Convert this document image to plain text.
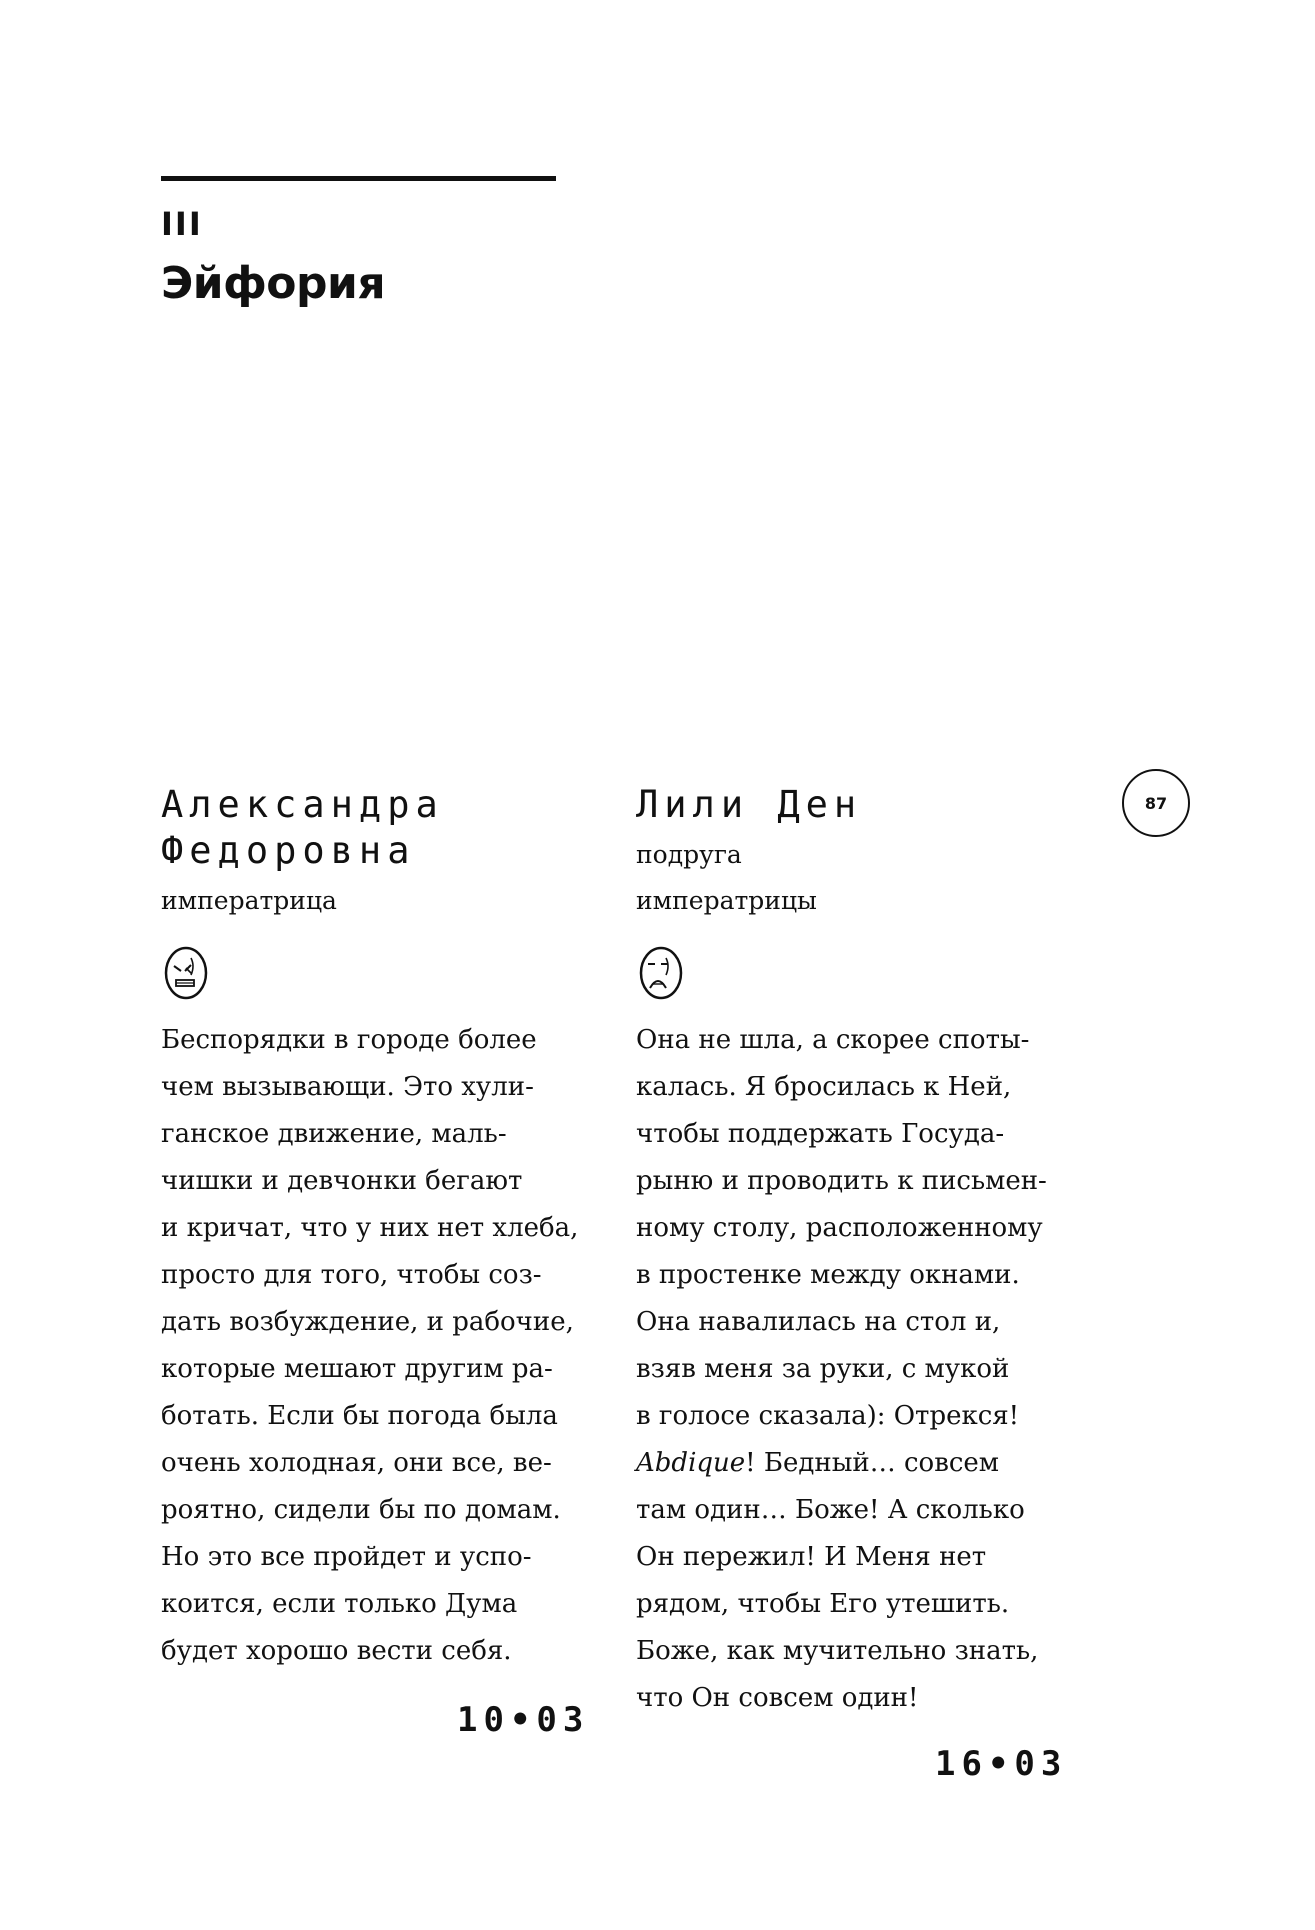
III
Эйфория
87

Александра

Федоровна

императрица

Беспорядки в городе более
чем вызывающи. Это хули-
ганское движение, маль-
чишки и девчонки бегают
и кричат, что у них нет хлеба,
просто для того, чтобы соз-
дать возбуждение, и рабочие,
которые мешают другим ра-
ботать. Если бы погода была
очень холодная, они все, ве-
роятно, сидели бы по домам.
Но это все пройдет и успо-
коится, если только Дума
будет хорошо вести себя.
10•03

Лили Ден

подруга

императрицы

Она не шла, а скорее споты-
калась. Я бросилась к Ней,
чтобы поддержать Госуда-
рыню и проводить к письмен-
ному столу, расположенному
в простенке между окнами.
Она навалилась на стол и,
взяв меня за руки, с мукой
в голосе сказала): Отрекся!
Abdique! Бедный… совсем
там один… Боже! А сколько
Он пережил! И Меня нет
рядом, чтобы Его утешить.
Боже, как мучительно знать,
что Он совсем один!
16•03
